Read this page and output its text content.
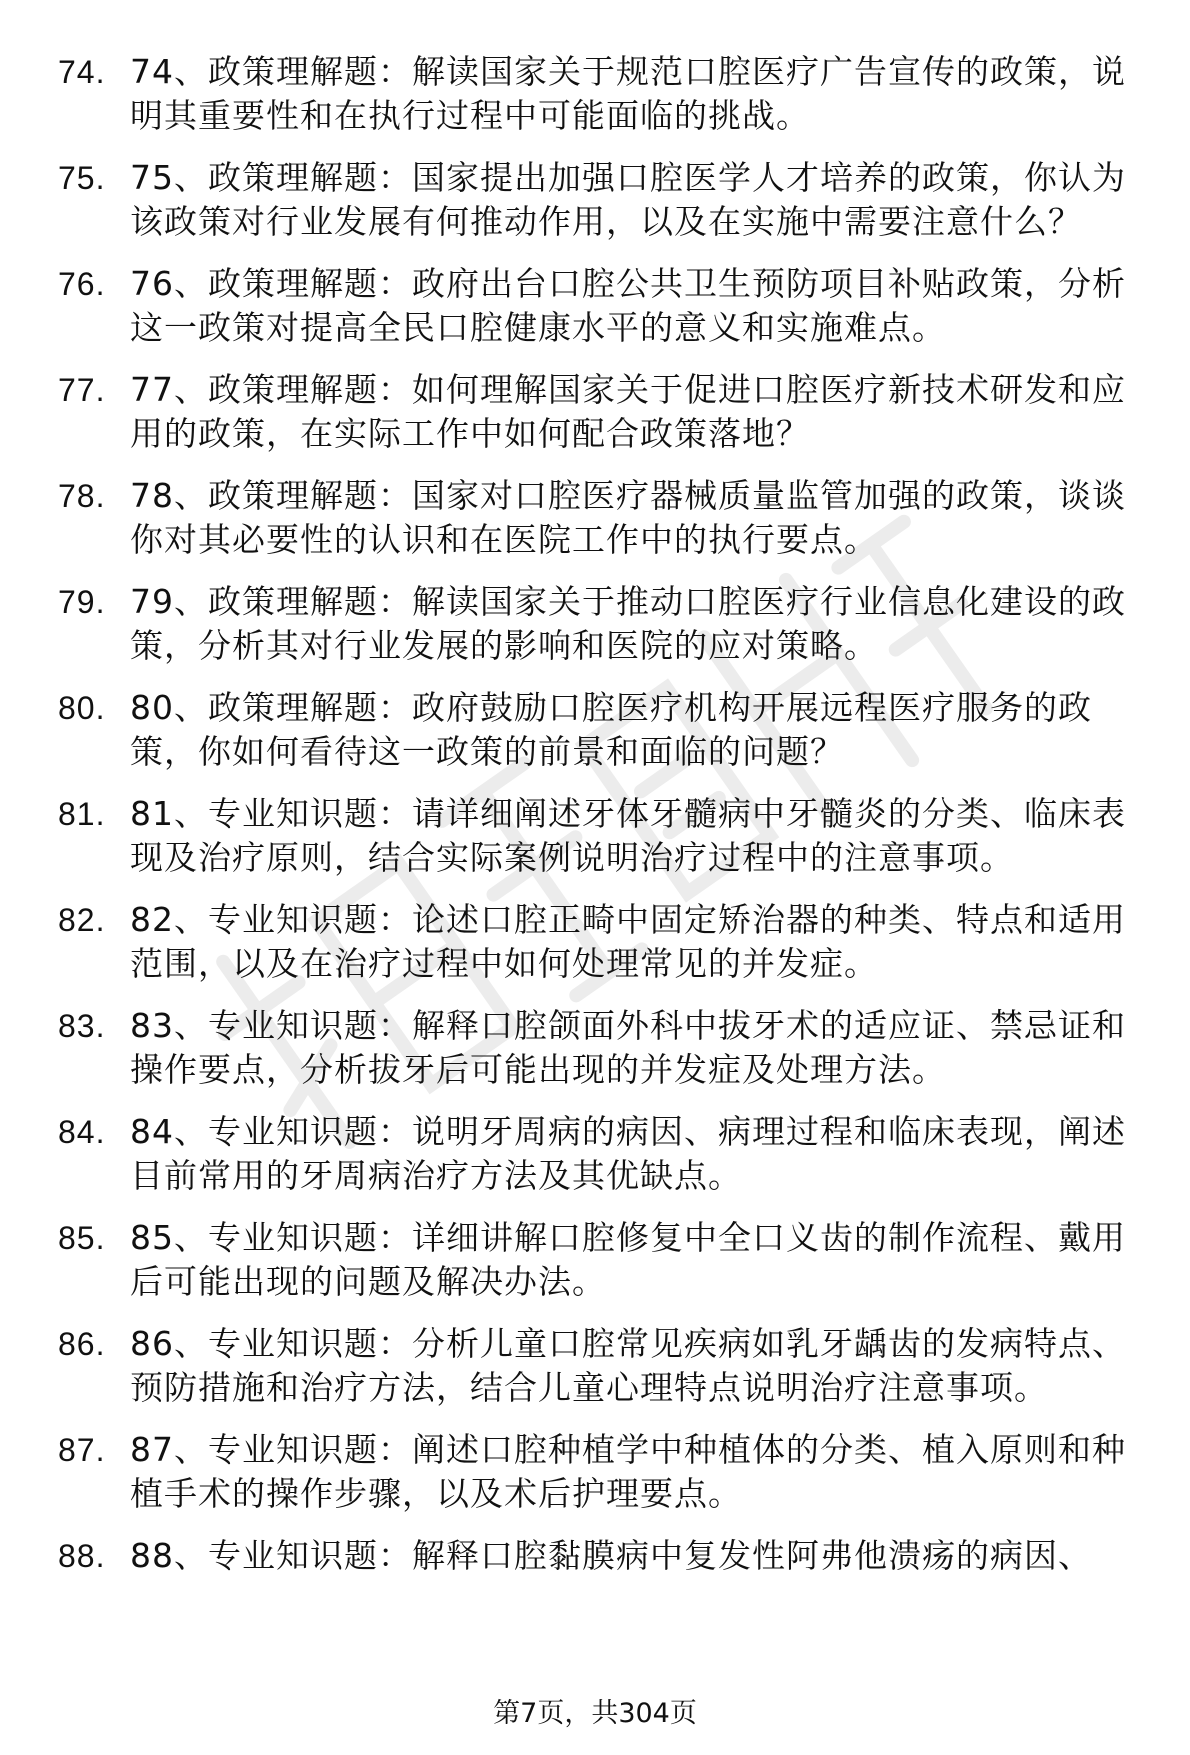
74. 74、政策理解题：解读国家关于规范口腔医疗广告宣传的政策，说明其重要性和在执行过程中可能面临的挑战。
75. 75、政策理解题：国家提出加强口腔医学人才培养的政策，你认为该政策对行业发展有何推动作用，以及在实施中需要注意什么？
76. 76、政策理解题：政府出台口腔公共卫生预防项目补贴政策，分析这一政策对提高全民口腔健康水平的意义和实施难点。
77. 77、政策理解题：如何理解国家关于促进口腔医疗新技术研发和应用的政策，在实际工作中如何配合政策落地？
78. 78、政策理解题：国家对口腔医疗器械质量监管加强的政策，谈谈你对其必要性的认识和在医院工作中的执行要点。
79. 79、政策理解题：解读国家关于推动口腔医疗行业信息化建设的政策，分析其对行业发展的影响和医院的应对策略。
80. 80、政策理解题：政府鼓励口腔医疗机构开展远程医疗服务的政策，你如何看待这一政策的前景和面临的问题？
81. 81、专业知识题：请详细阐述牙体牙髓病中牙髓炎的分类、临床表现及治疗原则，结合实际案例说明治疗过程中的注意事项。
82. 82、专业知识题：论述口腔正畸中固定矫治器的种类、特点和适用范围，以及在治疗过程中如何处理常见的并发症。
83. 83、专业知识题：解释口腔颌面外科中拔牙术的适应证、禁忌证和操作要点，分析拔牙后可能出现的并发症及处理方法。
84. 84、专业知识题：说明牙周病的病因、病理过程和临床表现，阐述目前常用的牙周病治疗方法及其优缺点。
85. 85、专业知识题：详细讲解口腔修复中全口义齿的制作流程、戴用后可能出现的问题及解决办法。
86. 86、专业知识题：分析儿童口腔常见疾病如乳牙龋齿的发病特点、预防措施和治疗方法，结合儿童心理特点说明治疗注意事项。
87. 87、专业知识题：阐述口腔种植学中种植体的分类、植入原则和种植手术的操作步骤，以及术后护理要点。
88. 88、专业知识题：解释口腔黏膜病中复发性阿弗他溃疡的病因、
第7页，共304页
